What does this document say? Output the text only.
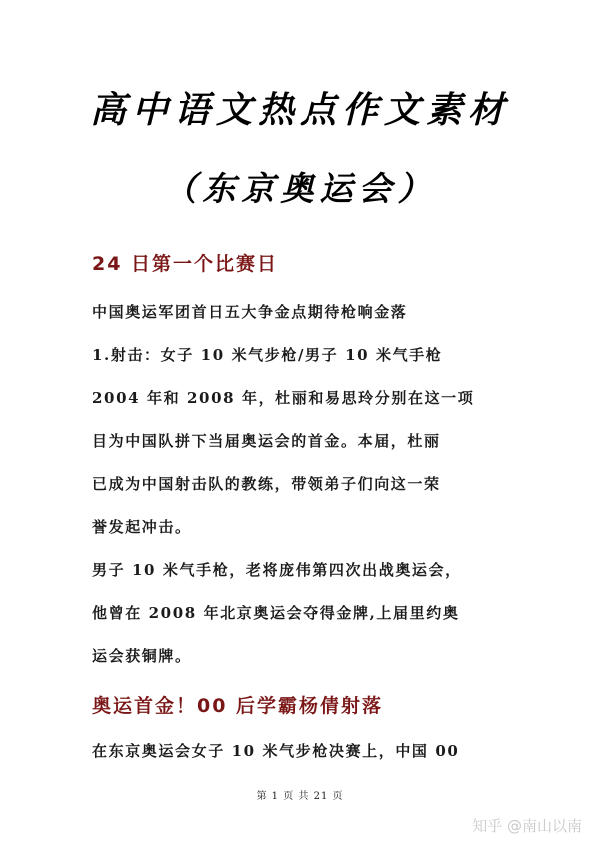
高中语文热点作文素材
（东京奥运会）
24 日第一个比赛日
中国奥运军团首日五大争金点期待枪响金落
1.射击：女子 10 米气步枪/男子 10 米气手枪
2004 年和 2008 年，杜丽和易思玲分别在这一项
目为中国队拼下当届奥运会的首金。本届，杜丽
已成为中国射击队的教练，带领弟子们向这一荣
誉发起冲击。
男子 10 米气手枪，老将庞伟第四次出战奥运会，
他曾在 2008 年北京奥运会夺得金牌,上届里约奥
运会获铜牌。
奥运首金！00 后学霸杨倩射落
在东京奥运会女子 10 米气步枪决赛上，中国 00
第 1 页 共 21 页
知乎 @南山以南
